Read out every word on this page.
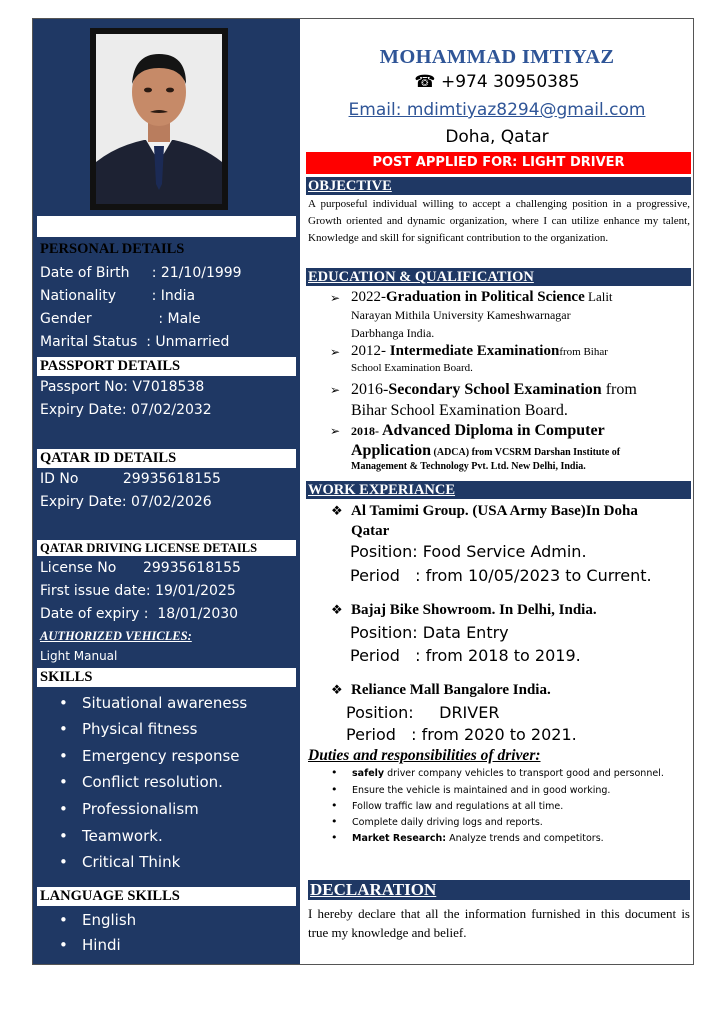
PERSONAL DETAILS
Date of Birth     : 21/10/1999
Nationality        : India
Gender               : Male
Marital Status  : Unmarried
PASSPORT DETAILS
Passport No: V7018538
Expiry Date: 07/02/2032
QATAR ID DETAILS
ID No          29935618155
Expiry Date: 07/02/2026
QATAR DRIVING LICENSE DETAILS
License No      29935618155
First issue date: 19/01/2025
Date of expiry :  18/01/2030
AUTHORIZED VEHICLES:
Light Manual
SKILLS
• Situational awareness
• Physical fitness
• Emergency response
• Conflict resolution.
• Professionalism
• Teamwork.
• Critical Think
LANGUAGE SKILLS
• English
• Hindi
MOHAMMAD IMTIYAZ
☎ +974 30950385
Email: mdimtiyaz8294@gmail.com
Doha, Qatar
POST APPLIED FOR: LIGHT DRIVER
OBJECTIVE
A purposeful individual willing to accept a challenging position in a progressive, Growth oriented and dynamic organization, where I can utilize enhance my talent, Knowledge and skill for significant contribution to the organization.
EDUCATION & QUALIFICATION
➢ 2022-Graduation in Political Science Lalit
Narayan Mithila University Kameshwarnagar
Darbhanga India.
➢ 2012- Intermediate Examinationfrom Bihar
School Examination Board.
➢ 2016-Secondary School Examination from
Bihar School Examination Board.
➢ 2018- Advanced Diploma in Computer
Application (ADCA) from VCSRM Darshan Institute of
Management & Technology Pvt. Ltd. New Delhi, India.
WORK EXPERIANCE
❖ Al Tamimi Group. (USA Army Base)In Doha
Qatar
Position: Food Service Admin.
Period   : from 10/05/2023 to Current.
❖ Bajaj Bike Showroom. In Delhi, India.
Position: Data Entry
Period   : from 2018 to 2019.
❖ Reliance Mall Bangalore India.
Position:     DRIVER
Period   : from 2020 to 2021.
Duties and responsibilities of driver:
• safely driver company vehicles to transport good and personnel.
• Ensure the vehicle is maintained and in good working.
• Follow traffic law and regulations at all time.
• Complete daily driving logs and reports.
• Market Research: Analyze trends and competitors.
DECLARATION
I hereby declare that all the information furnished in this document is true my knowledge and belief.
